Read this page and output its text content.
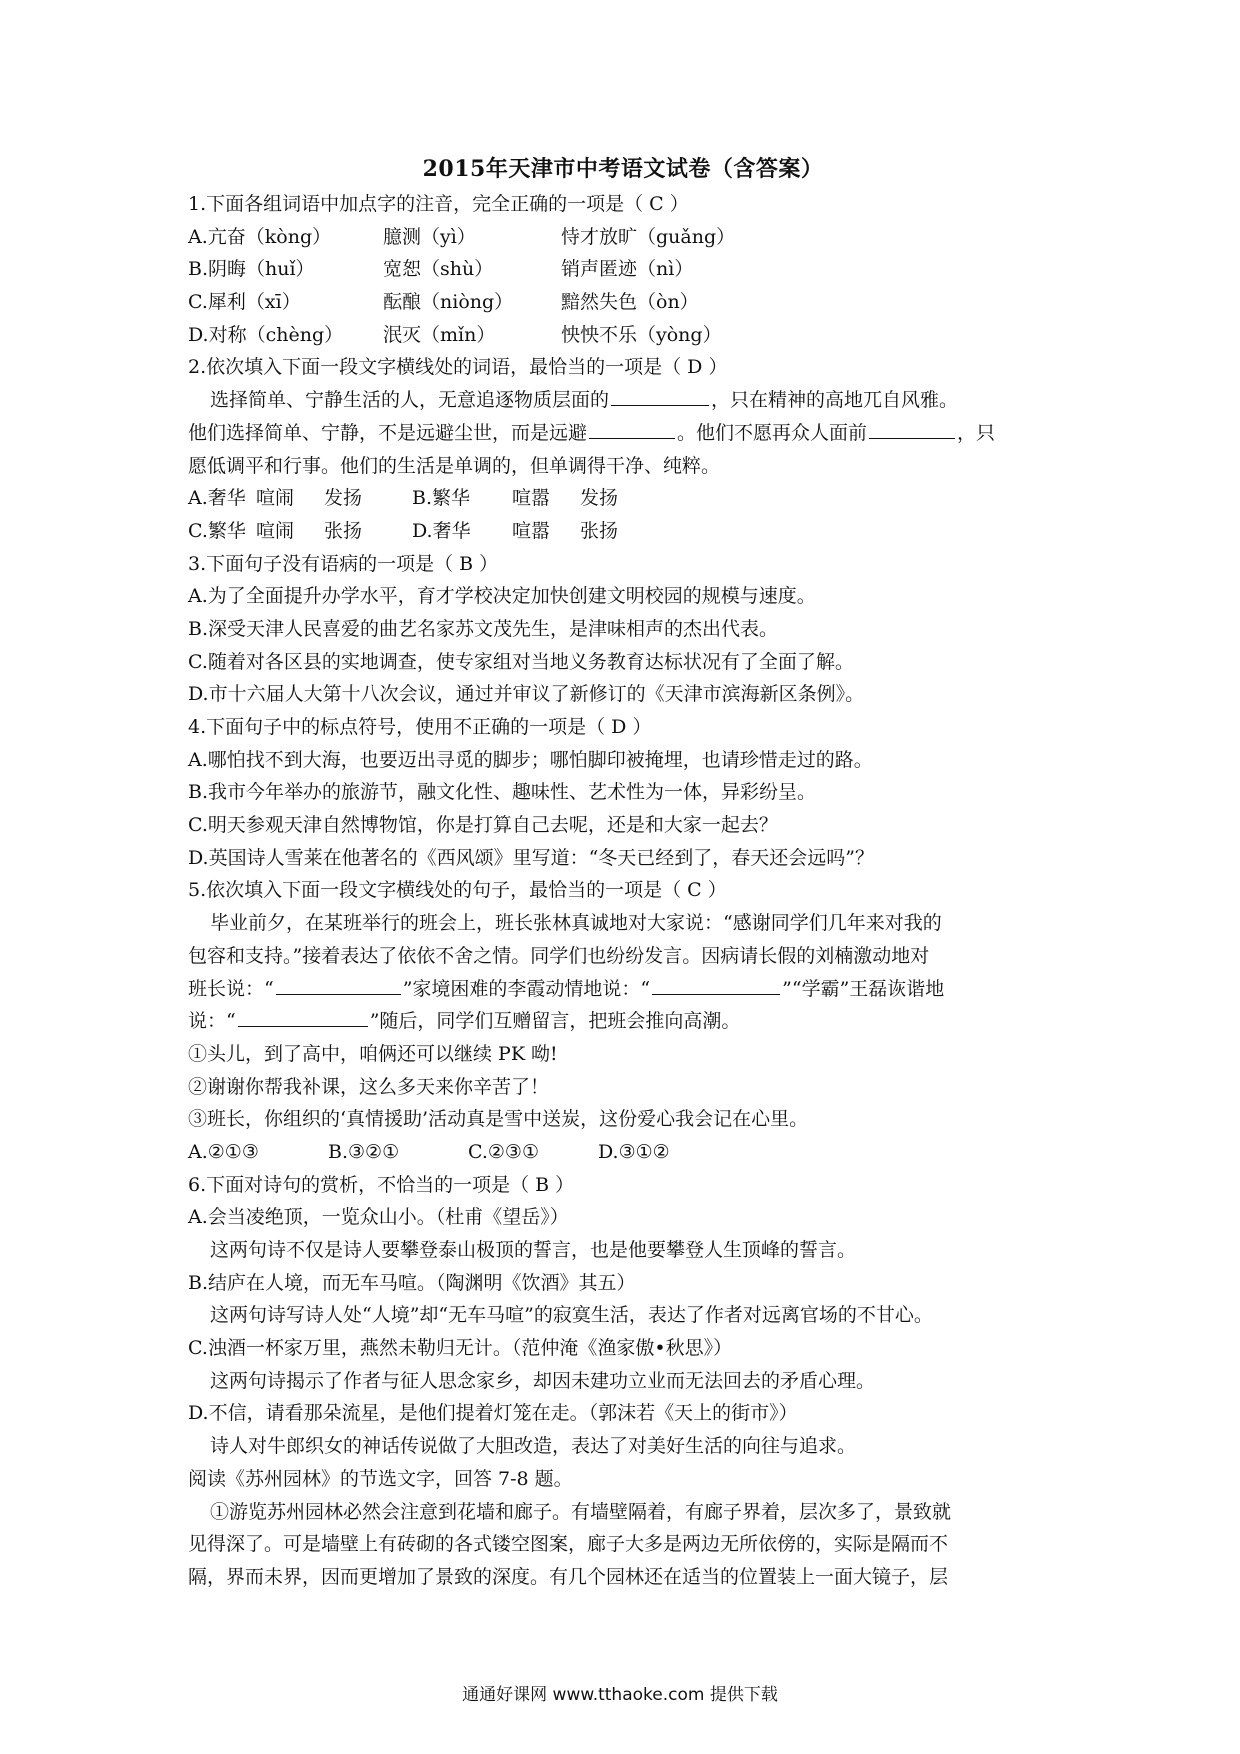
2015年天津市中考语文试卷（含答案）
1.下面各组词语中加点字的注音，完全正确的一项是（ C ）
A.亢奋（kòng）	臆测（yì）	恃才放旷（guǎng）
B.阴晦（huǐ）	宽恕（shù）	销声匿迹（nì）
C.犀利（xī）	酝酿（niòng）	黯然失色（òn）
D.对称（chèng）	泯灭（mǐn）	怏怏不乐（yòng）
2.依次填入下面一段文字横线处的词语，最恰当的一项是（ D ）
选择简单、宁静生活的人，无意追逐物质层面的	，只在精神的高地兀自风雅。
他们选择简单、宁静，不是远避尘世，而是远避	。他们不愿再众人面前	，只
愿低调平和行事。他们的生活是单调的，但单调得干净、纯粹。
A.奢华 喧闹	发扬	B.繁华	喧嚣	发扬
C.繁华 喧闹	张扬	D.奢华	喧嚣	张扬
3.下面句子没有语病的一项是（ B ）
A.为了全面提升办学水平，育才学校决定加快创建文明校园的规模与速度。
B.深受天津人民喜爱的曲艺名家苏文茂先生，是津味相声的杰出代表。
C.随着对各区县的实地调查，使专家组对当地义务教育达标状况有了全面了解。
D.市十六届人大第十八次会议，通过并审议了新修订的《天津市滨海新区条例》。
4.下面句子中的标点符号，使用不正确的一项是（ D ）
A.哪怕找不到大海，也要迈出寻觅的脚步；哪怕脚印被掩埋，也请珍惜走过的路。
B.我市今年举办的旅游节，融文化性、趣味性、艺术性为一体，异彩纷呈。
C.明天参观天津自然博物馆，你是打算自己去呢，还是和大家一起去？
D.英国诗人雪莱在他著名的《西风颂》里写道：“冬天已经到了，春天还会远吗”？
5.依次填入下面一段文字横线处的句子，最恰当的一项是（ C ）
毕业前夕，在某班举行的班会上，班长张林真诚地对大家说：“感谢同学们几年来对我的
包容和支持。”接着表达了依依不舍之情。同学们也纷纷发言。因病请长假的刘楠激动地对
班长说：“	”家境困难的李霞动情地说：“	”“学霸”王磊诙谐地
说：“	”随后，同学们互赠留言，把班会推向高潮。
①头儿，到了高中，咱俩还可以继续 PK 呦!
②谢谢你帮我补课，这么多天来你辛苦了！
③班长，你组织的‘真情援助’活动真是雪中送炭，这份爱心我会记在心里。
A.②①③	B.③②①	C.②③①	D.③①②
6.下面对诗句的赏析，不恰当的一项是（ B ）
A.会当凌绝顶，一览众山小。（杜甫《望岳》）
这两句诗不仅是诗人要攀登泰山极顶的誓言，也是他要攀登人生顶峰的誓言。
B.结庐在人境，而无车马喧。（陶渊明《饮酒》其五）
这两句诗写诗人处“人境”却“无车马喧”的寂寞生活，表达了作者对远离官场的不甘心。
C.浊酒一杯家万里，燕然未勒归无计。（范仲淹《渔家傲•秋思》）
这两句诗揭示了作者与征人思念家乡，却因未建功立业而无法回去的矛盾心理。
D.不信，请看那朵流星，是他们提着灯笼在走。（郭沫若《天上的街市》）
诗人对牛郎织女的神话传说做了大胆改造，表达了对美好生活的向往与追求。
阅读《苏州园林》的节选文字，回答 7-8 题。
①游览苏州园林必然会注意到花墙和廊子。有墙壁隔着，有廊子界着，层次多了，景致就
见得深了。可是墙壁上有砖砌的各式镂空图案，廊子大多是两边无所依傍的，实际是隔而不
隔，界而未界，因而更增加了景致的深度。有几个园林还在适当的位置装上一面大镜子，层
通通好课网 www.tthaoke.com 提供下载
